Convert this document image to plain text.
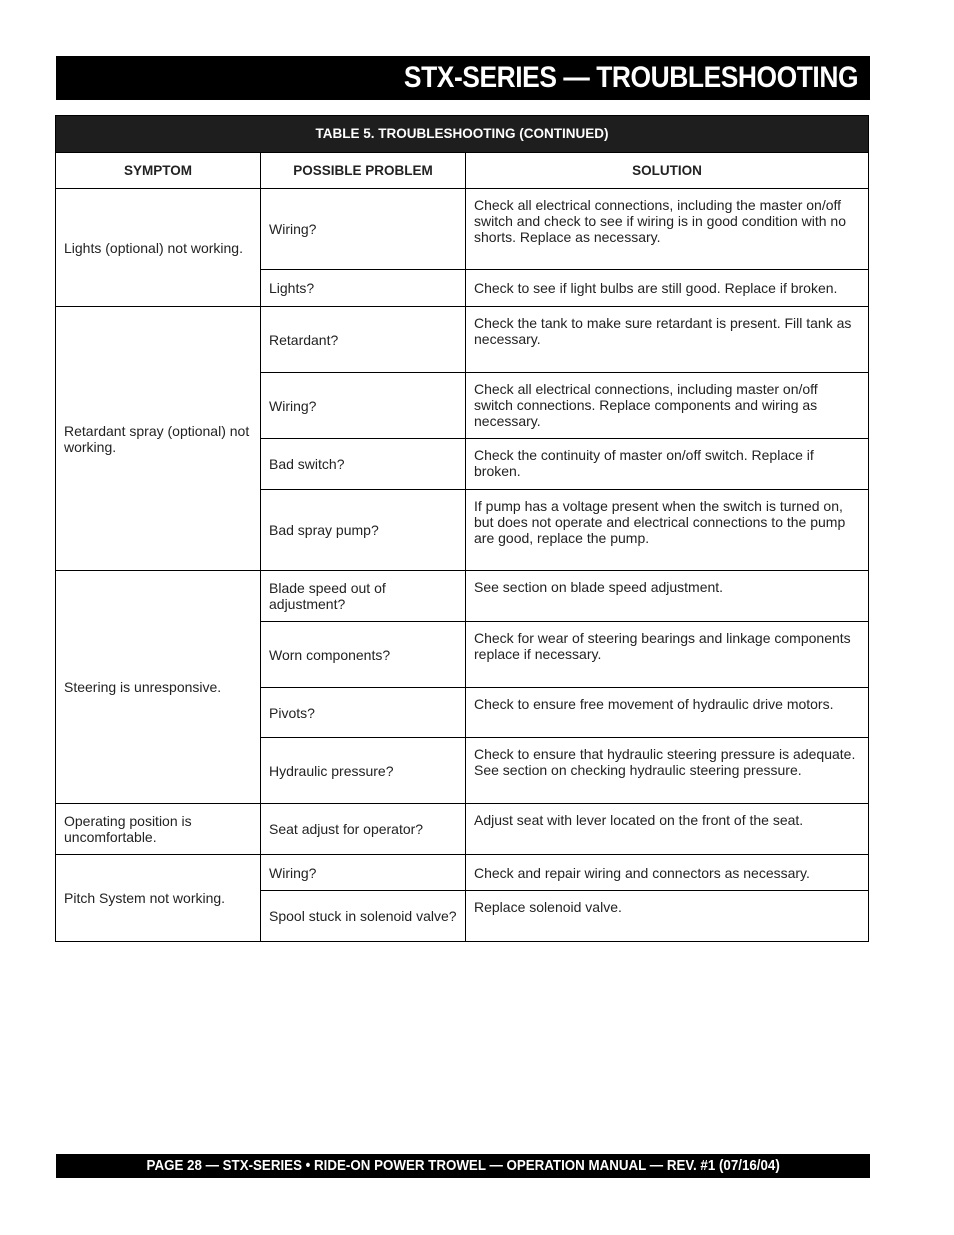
STX-SERIES — TROUBLESHOOTING
TABLE 5. TROUBLESHOOTING (CONTINUED)		
SYMPTOM	POSSIBLE PROBLEM	SOLUTION
Lights (optional) not working.	Wiring?	Check all electrical connections, including the master on/off switch and check to see if wiring is in good condition with no shorts. Replace as necessary.
	Lights?	Check to see if light bulbs are still good. Replace if broken.
Retardant spray (optional) not working.	Retardant?	Check the tank to make sure retardant is present. Fill tank as necessary.
	Wiring?	Check all electrical connections, including master on/off switch connections. Replace components and wiring as necessary.
	Bad switch?	Check the continuity of master on/off switch. Replace if broken.
	Bad spray pump?	If pump has a voltage present when the switch is turned on, but does not operate and electrical connections to the pump are good, replace the pump.
Steering is unresponsive.	Blade speed out of adjustment?	See section on blade speed adjustment.
	Worn components?	Check for wear of steering bearings and linkage components replace if necessary.
	Pivots?	Check to ensure free movement of hydraulic drive motors.
	Hydraulic pressure?	Check to ensure that hydraulic steering pressure is adequate. See section on checking hydraulic steering pressure.
Operating position is uncomfortable.	Seat adjust for operator?	Adjust seat with lever located on the front of the seat.
Pitch System not working.	Wiring?	Check and repair wiring and connectors as necessary.
	Spool stuck in solenoid valve?	Replace solenoid valve.
PAGE 28 — STX-SERIES • RIDE-ON POWER TROWEL — OPERATION MANUAL — REV. #1 (07/16/04)
